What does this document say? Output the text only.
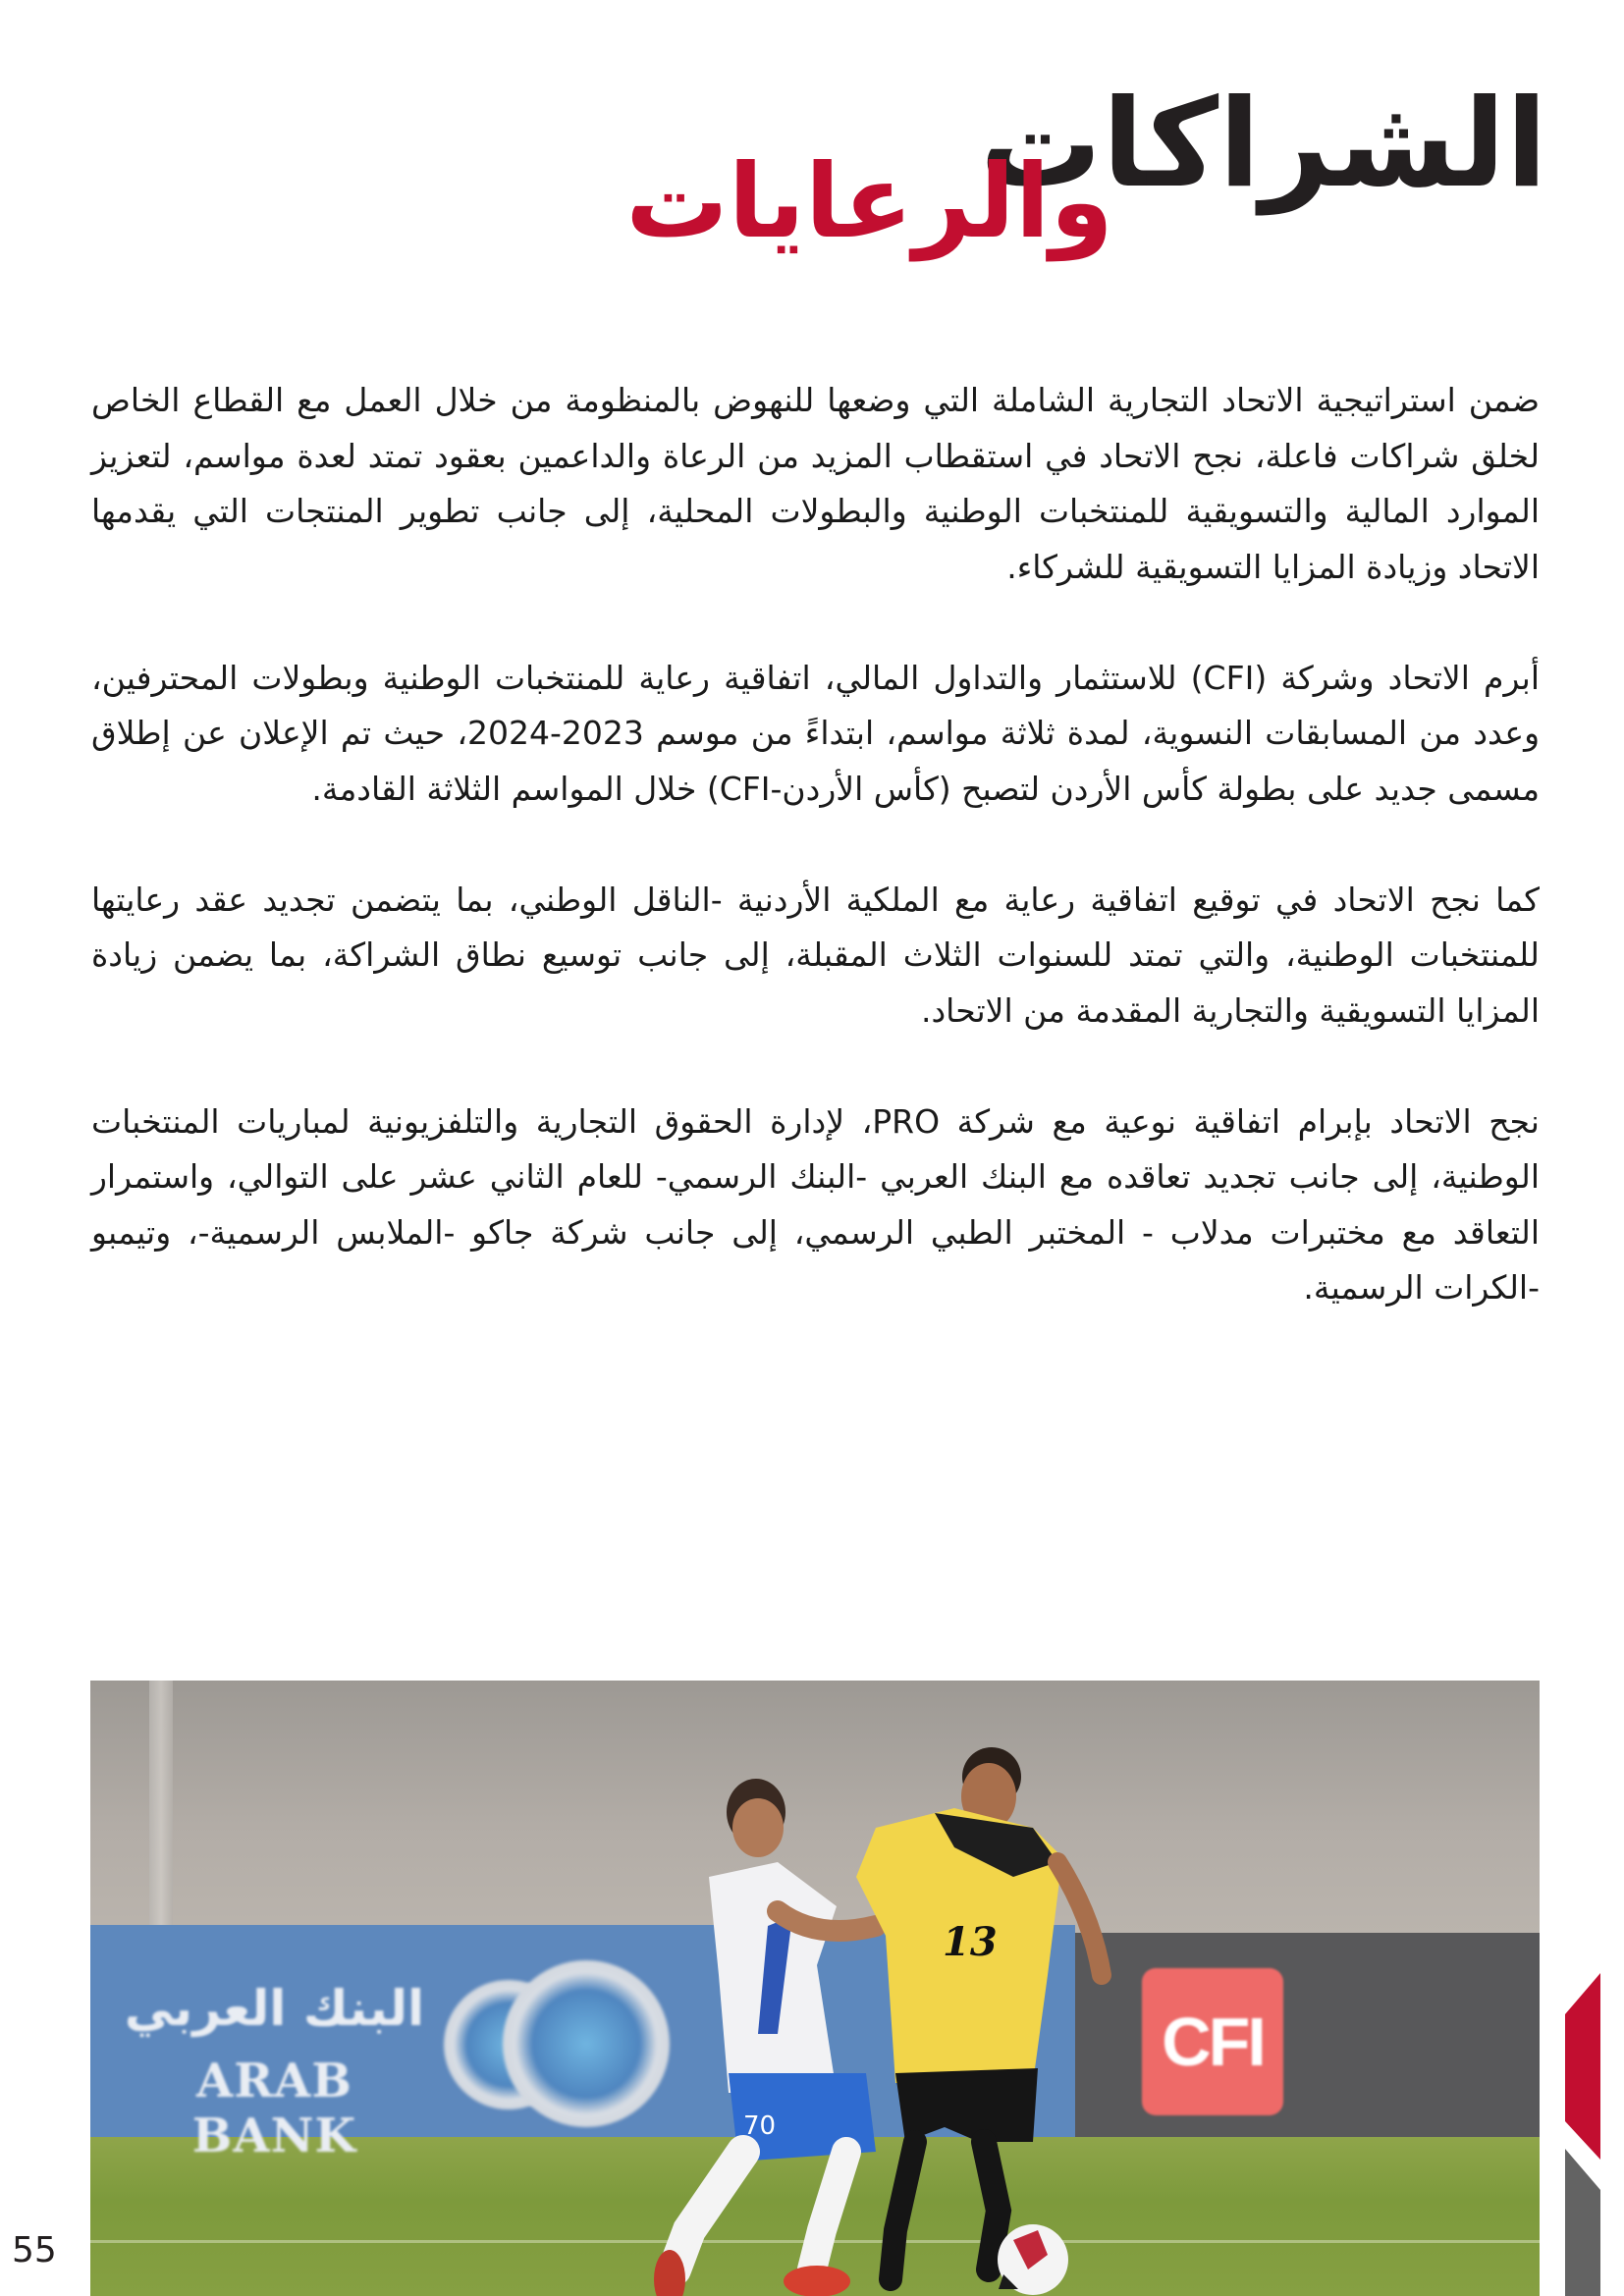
الشراكات
والرعايات

ضمن استراتيجية الاتحاد التجارية الشاملة التي وضعها للنهوض بالمنظومة من خلال العمل مع القطاع الخاص لخلق شراكات فاعلة، نجح الاتحاد في استقطاب المزيد من الرعاة والداعمين بعقود تمتد لعدة مواسم، لتعزيز الموارد المالية والتسويقية للمنتخبات الوطنية والبطولات المحلية، إلى جانب تطوير المنتجات التي يقدمها الاتحاد وزيادة المزايا التسويقية للشركاء.

أبرم الاتحاد وشركة (CFI) للاستثمار والتداول المالي، اتفاقية رعاية للمنتخبات الوطنية وبطولات المحترفين، وعدد من المسابقات النسوية، لمدة ثلاثة مواسم، ابتداءً من موسم 2023-2024، حيث تم الإعلان عن إطلاق مسمى جديد على بطولة كأس الأردن لتصبح (كأس الأردن-CFI) خلال المواسم الثلاثة القادمة.

كما نجح الاتحاد في توقيع اتفاقية رعاية مع الملكية الأردنية -الناقل الوطني، بما يتضمن تجديد عقد رعايتها للمنتخبات الوطنية، والتي تمتد للسنوات الثلاث المقبلة، إلى جانب توسيع نطاق الشراكة، بما يضمن زيادة المزايا التسويقية والتجارية المقدمة من الاتحاد.

نجح الاتحاد بإبرام اتفاقية نوعية مع شركة PRO، لإدارة الحقوق التجارية والتلفزيونية لمباريات المنتخبات الوطنية، إلى جانب تجديد تعاقده مع البنك العربي -البنك الرسمي- للعام الثاني عشر على التوالي، واستمرار التعاقد مع مختبرات مدلاب - المختبر الطبي الرسمي، إلى جانب شركة جاكو -الملابس الرسمية-، وتيمبو -الكرات الرسمية.

البنك العربي
ARAB BANK
CFI
70
13
55
